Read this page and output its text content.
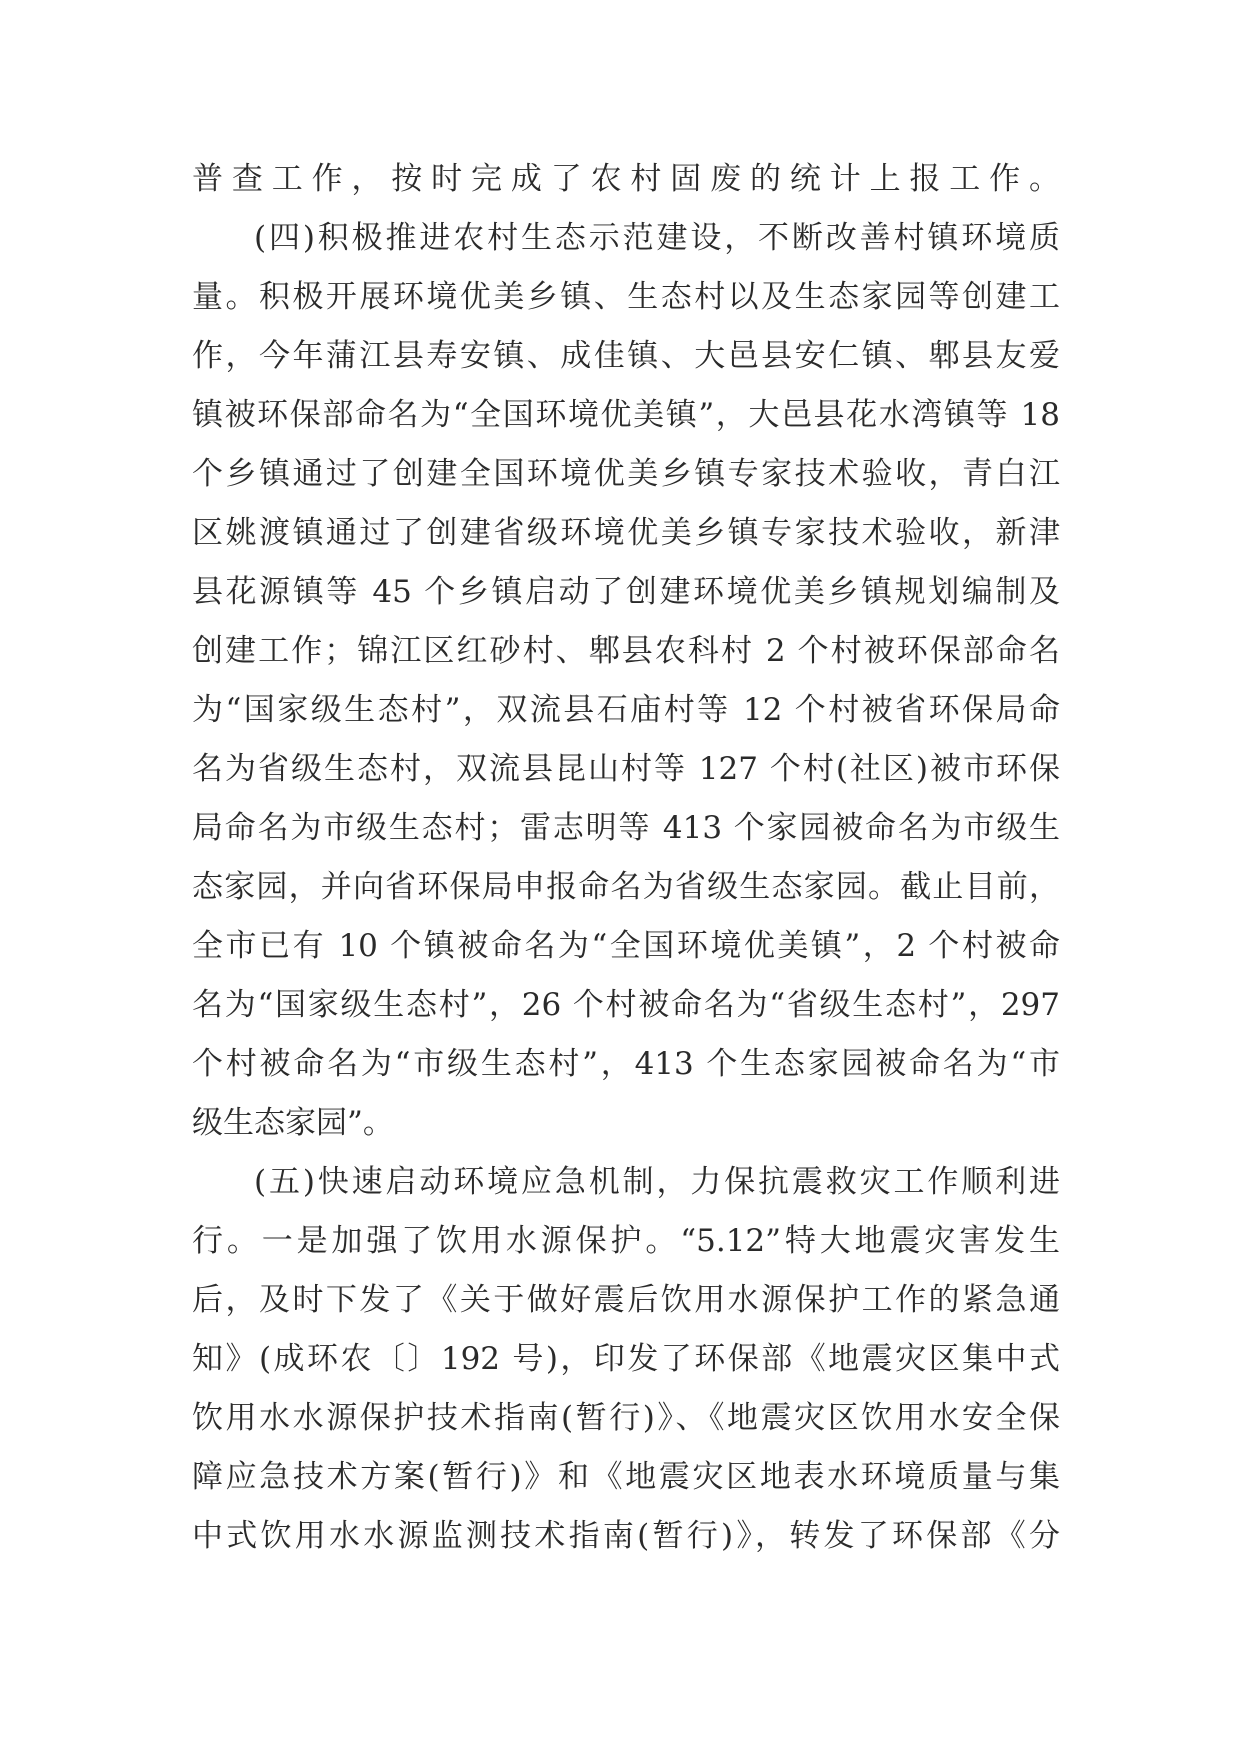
普查工作，按时完成了农村固废的统计上报工作。
(四)积极推进农村生态示范建设，不断改善村镇环境质
量。积极开展环境优美乡镇、生态村以及生态家园等创建工
作，今年蒲江县寿安镇、成佳镇、大邑县安仁镇、郫县友爱
镇被环保部命名为“全国环境优美镇”，大邑县花水湾镇等 18
个乡镇通过了创建全国环境优美乡镇专家技术验收，青白江
区姚渡镇通过了创建省级环境优美乡镇专家技术验收，新津
县花源镇等 45 个乡镇启动了创建环境优美乡镇规划编制及
创建工作；锦江区红砂村、郫县农科村 2 个村被环保部命名
为“国家级生态村”，双流县石庙村等 12 个村被省环保局命
名为省级生态村，双流县昆山村等 127 个村(社区)被市环保
局命名为市级生态村；雷志明等 413 个家园被命名为市级生
态家园，并向省环保局申报命名为省级生态家园。截止目前，
全市已有 10 个镇被命名为“全国环境优美镇”，2 个村被命
名为“国家级生态村”，26 个村被命名为“省级生态村”，297
个村被命名为“市级生态村”，413 个生态家园被命名为“市
级生态家园”。
(五)快速启动环境应急机制，力保抗震救灾工作顺利进
行。一是加强了饮用水源保护。“5.12”特大地震灾害发生
后，及时下发了《关于做好震后饮用水源保护工作的紧急通
知》(成环农〔〕192 号)，印发了环保部《地震灾区集中式
饮用水水源保护技术指南(暂行)》、《地震灾区饮用水安全保
障应急技术方案(暂行)》和《地震灾区地表水环境质量与集
中式饮用水水源监测技术指南(暂行)》，转发了环保部《分
